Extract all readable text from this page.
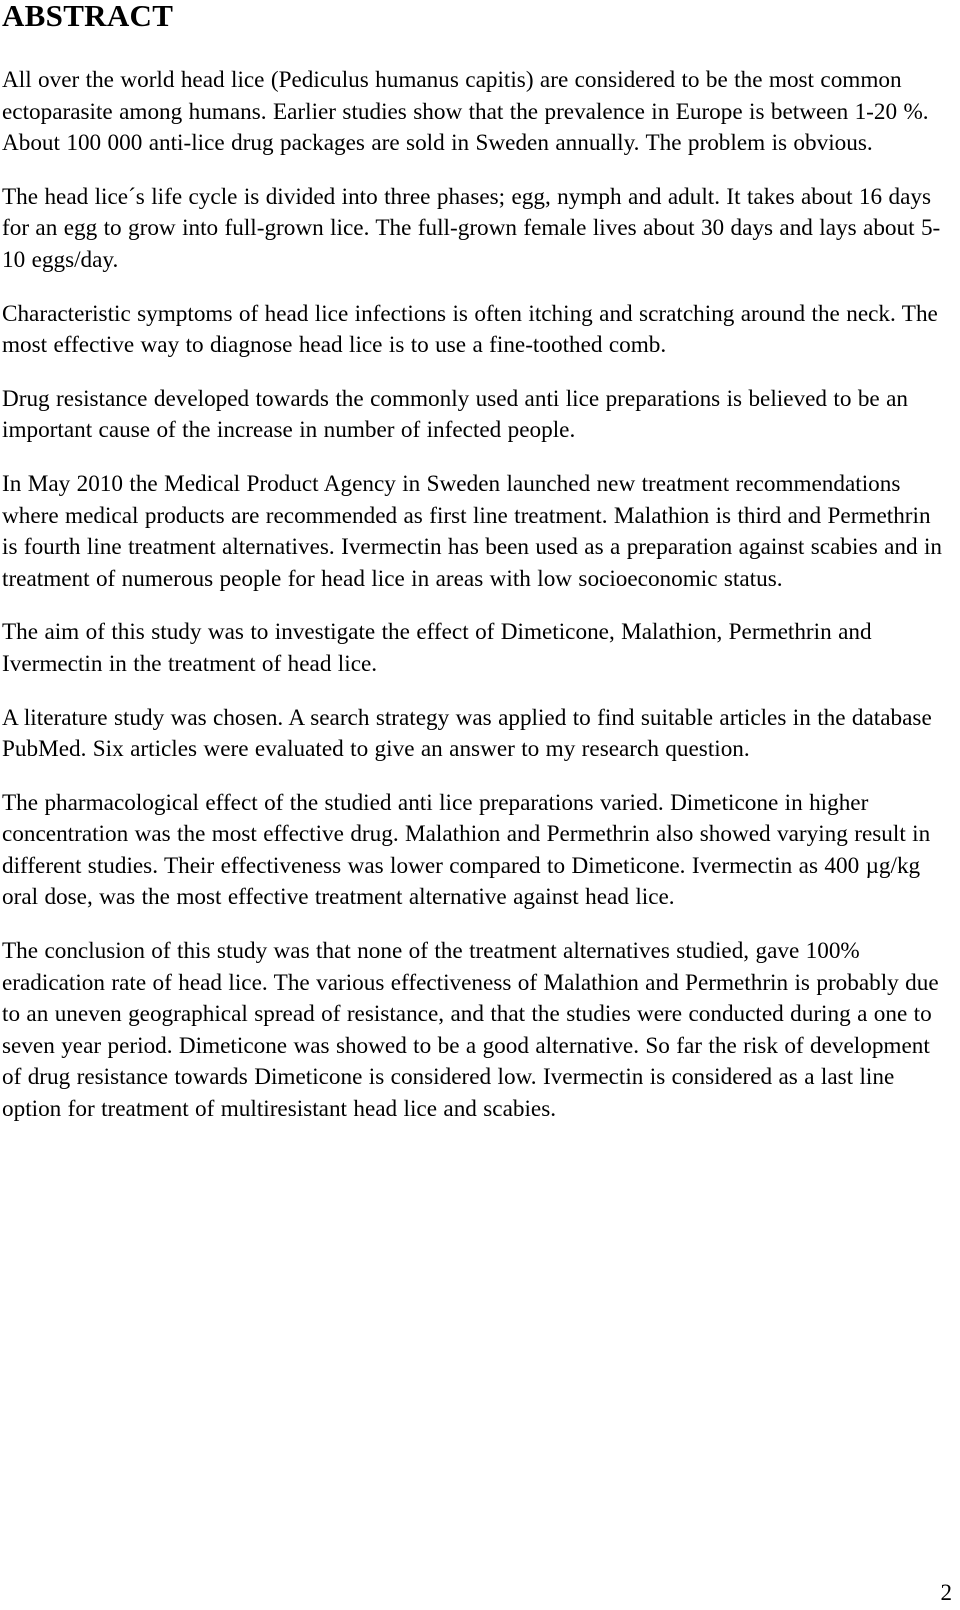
ABSTRACT

All over the world head lice (Pediculus humanus capitis) are considered to be the most common ectoparasite among humans. Earlier studies show that the prevalence in Europe is between 1-20 %. About 100 000 anti-lice drug packages are sold in Sweden annually. The problem is obvious.

The head lice´s life cycle is divided into three phases; egg, nymph and adult. It takes about 16 days for an egg to grow into full-grown lice. The full-grown female lives about 30 days and lays about 5-10 eggs/day.

Characteristic symptoms of head lice infections is often itching and scratching around the neck. The most effective way to diagnose head lice is to use a fine-toothed comb.

Drug resistance developed towards the commonly used anti lice preparations is believed to be an important cause of the increase in number of infected people.

In May 2010 the Medical Product Agency in Sweden launched new treatment recommendations where medical products are recommended as first line treatment. Malathion is third and Permethrin is fourth line treatment alternatives. Ivermectin has been used as a preparation against scabies and in treatment of numerous people for head lice in areas with low socioeconomic status.

The aim of this study was to investigate the effect of Dimeticone, Malathion, Permethrin and Ivermectin in the treatment of head lice.

A literature study was chosen. A search strategy was applied to find suitable articles in the database PubMed. Six articles were evaluated to give an answer to my research question.

The pharmacological effect of the studied anti lice preparations varied. Dimeticone in higher concentration was the most effective drug. Malathion and Permethrin also showed varying result in different studies. Their effectiveness was lower compared to Dimeticone. Ivermectin as 400 µg/kg oral dose, was the most effective treatment alternative against head lice.

The conclusion of this study was that none of the treatment alternatives studied, gave 100% eradication rate of head lice. The various effectiveness of Malathion and Permethrin is probably due to an uneven geographical spread of resistance, and that the studies were conducted during a one to seven year period. Dimeticone was showed to be a good alternative. So far the risk of development of drug resistance towards Dimeticone is considered low. Ivermectin is considered as a last line option for treatment of multiresistant head lice and scabies.

2
